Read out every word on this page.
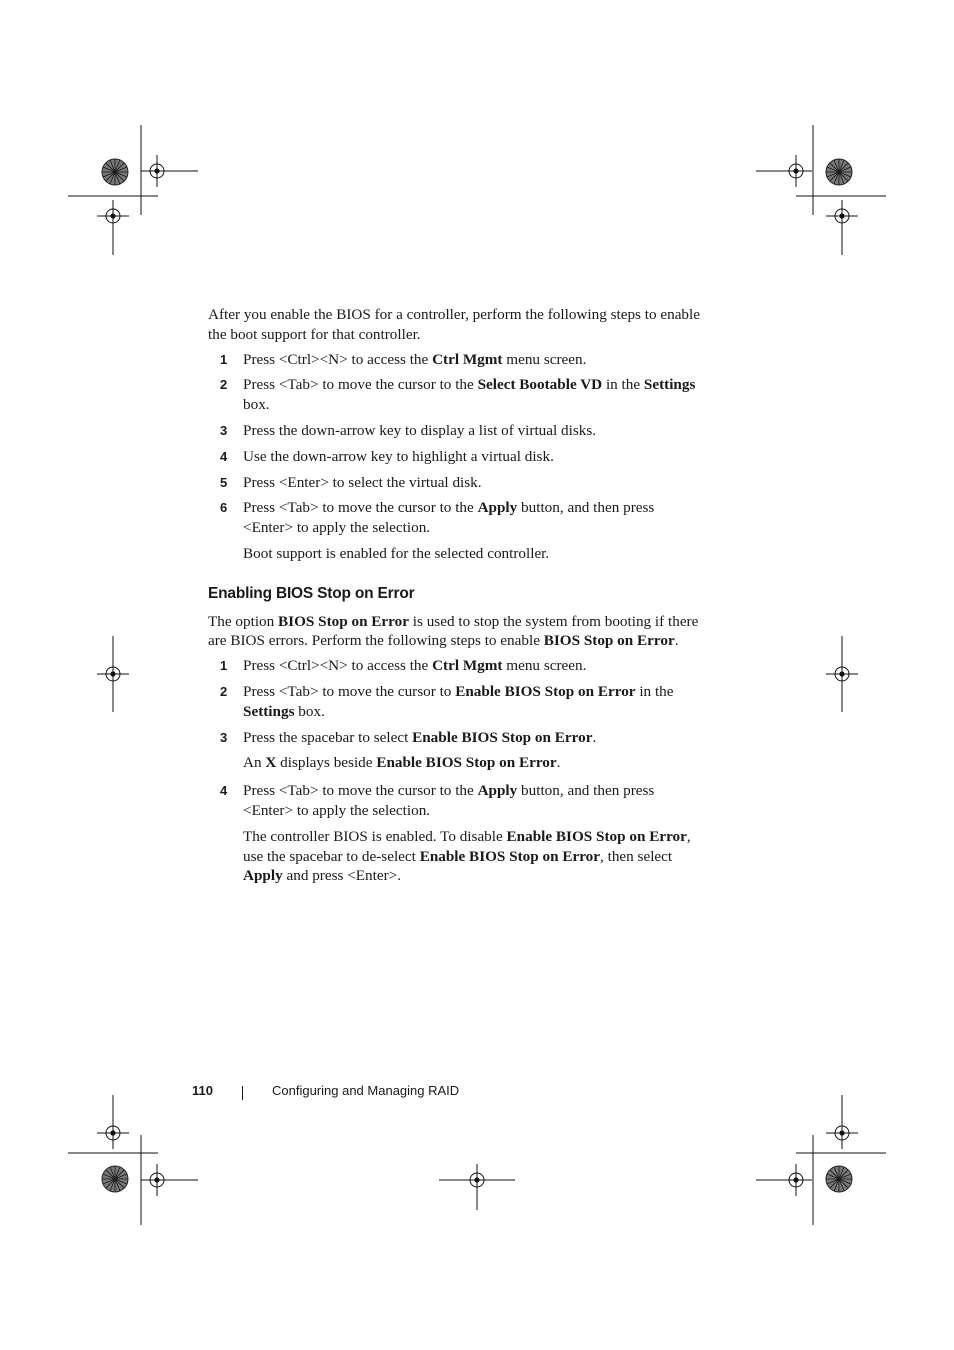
After you enable the BIOS for a controller, perform the following steps to enable the boot support for that controller.

1 Press <Ctrl><N> to access the Ctrl Mgmt menu screen.
2 Press <Tab> to move the cursor to the Select Bootable VD in the Settings box.
3 Press the down-arrow key to display a list of virtual disks.
4 Use the down-arrow key to highlight a virtual disk.
5 Press <Enter> to select the virtual disk.
6 Press <Tab> to move the cursor to the Apply button, and then press <Enter> to apply the selection.

Boot support is enabled for the selected controller.

Enabling BIOS Stop on Error

The option BIOS Stop on Error is used to stop the system from booting if there are BIOS errors. Perform the following steps to enable BIOS Stop on Error.

1 Press <Ctrl><N> to access the Ctrl Mgmt menu screen.
2 Press <Tab> to move the cursor to Enable BIOS Stop on Error in the Settings box.
3 Press the spacebar to select Enable BIOS Stop on Error.

An X displays beside Enable BIOS Stop on Error.

4 Press <Tab> to move the cursor to the Apply button, and then press <Enter> to apply the selection.

The controller BIOS is enabled. To disable Enable BIOS Stop on Error, use the spacebar to de-select Enable BIOS Stop on Error, then select Apply and press <Enter>.

110	Configuring and Managing RAID
